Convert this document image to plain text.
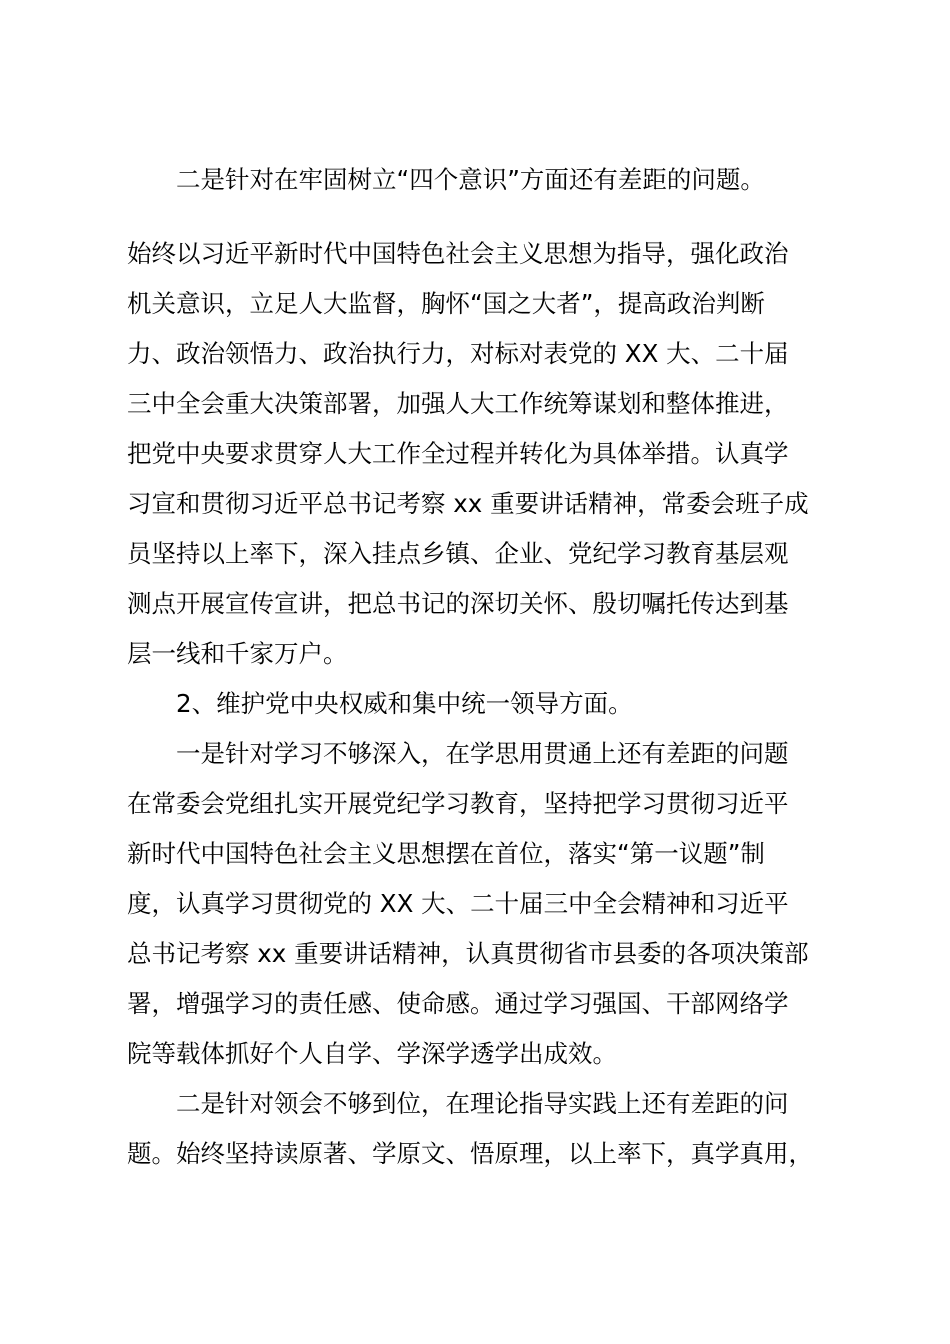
二是针对在牢固树立“四个意识”方面还有差距的问题。
始终以习近平新时代中国特色社会主义思想为指导，强化政治
机关意识，立足人大监督，胸怀“国之大者”，提高政治判断
力、政治领悟力、政治执行力，对标对表党的 XX 大、二十届
三中全会重大决策部署，加强人大工作统筹谋划和整体推进，
把党中央要求贯穿人大工作全过程并转化为具体举措。认真学
习宣和贯彻习近平总书记考察 xx 重要讲话精神，常委会班子成
员坚持以上率下，深入挂点乡镇、企业、党纪学习教育基层观
测点开展宣传宣讲，把总书记的深切关怀、殷切嘱托传达到基
层一线和千家万户。
2、维护党中央权威和集中统一领导方面。
一是针对学习不够深入，在学思用贯通上还有差距的问题
在常委会党组扎实开展党纪学习教育，坚持把学习贯彻习近平
新时代中国特色社会主义思想摆在首位，落实“第一议题”制
度，认真学习贯彻党的 XX 大、二十届三中全会精神和习近平
总书记考察 xx 重要讲话精神，认真贯彻省市县委的各项决策部
署，增强学习的责任感、使命感。通过学习强国、干部网络学
院等载体抓好个人自学、学深学透学出成效。
二是针对领会不够到位，在理论指导实践上还有差距的问
题。始终坚持读原著、学原文、悟原理，以上率下，真学真用，
